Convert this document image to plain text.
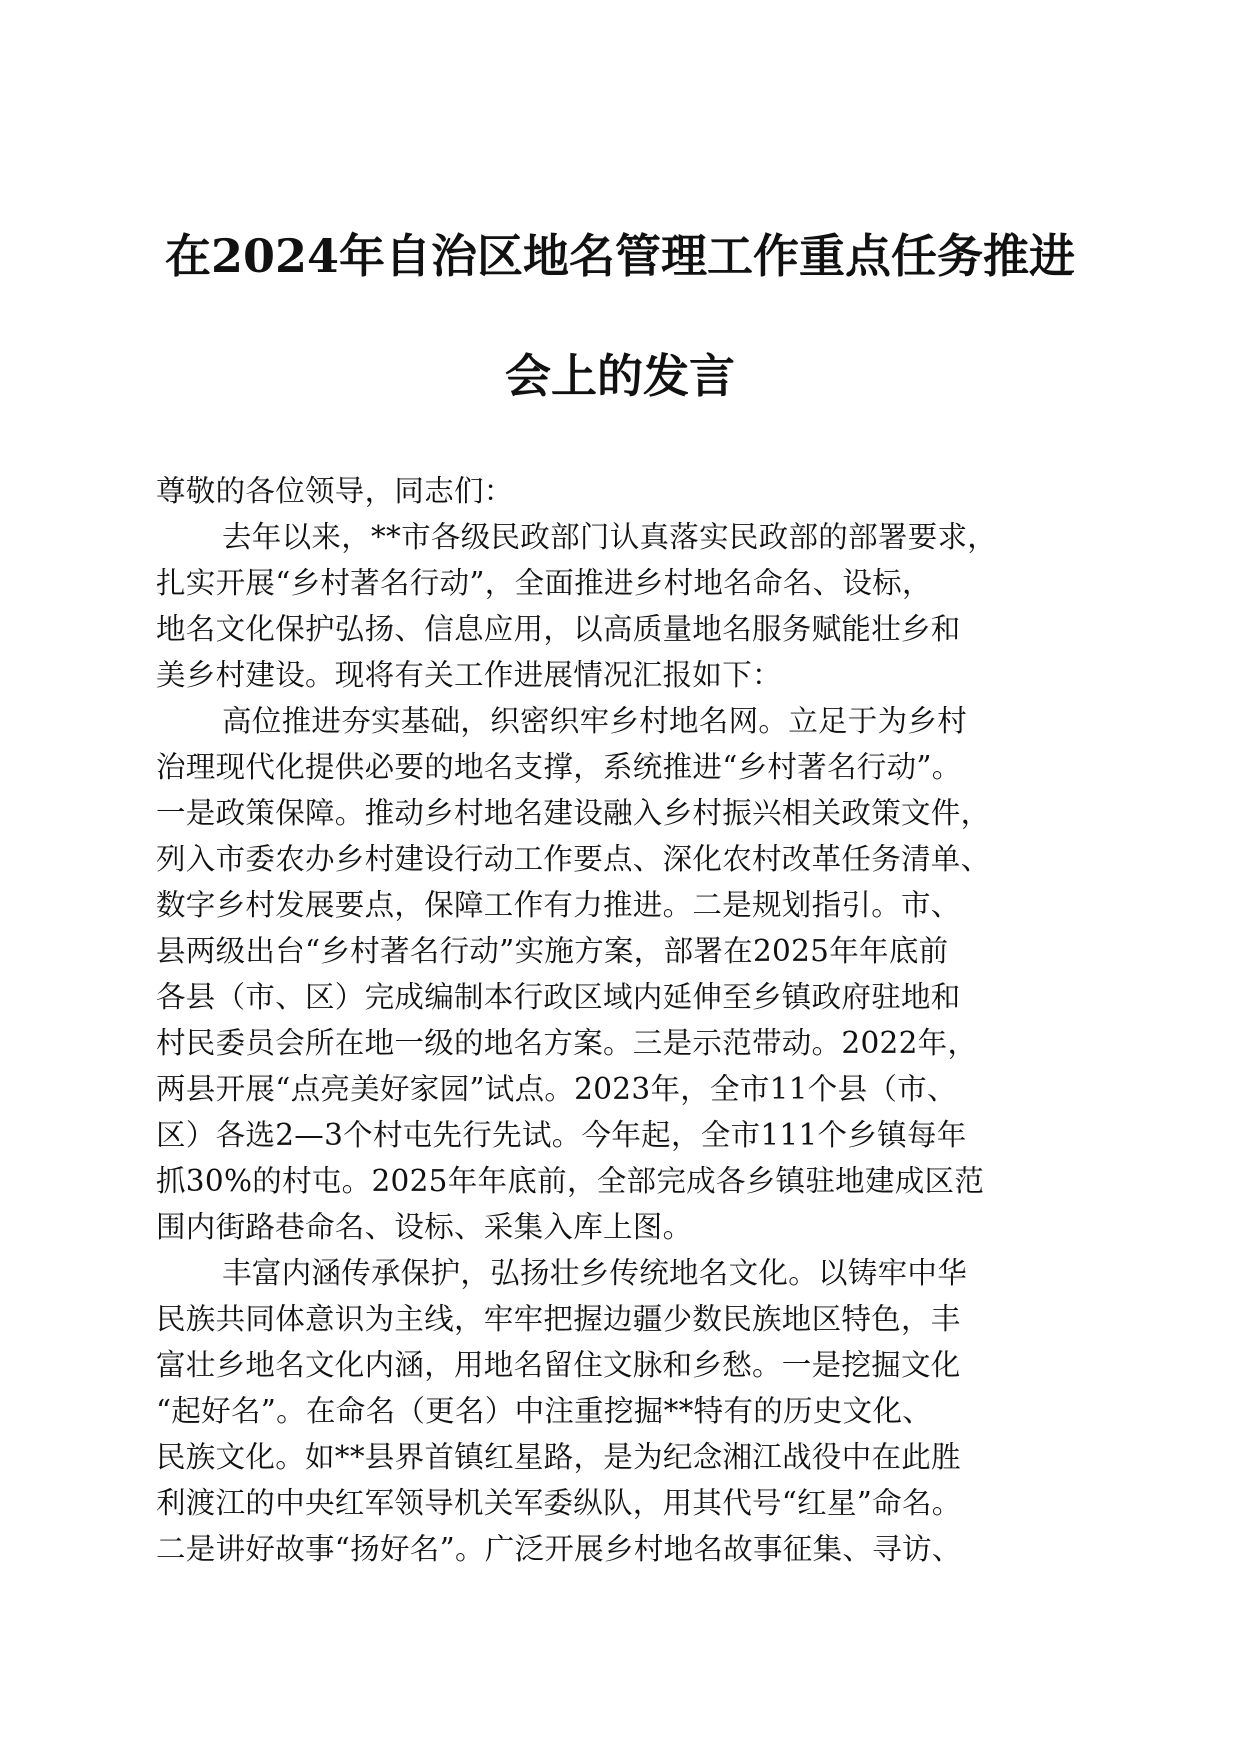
在2024年自治区地名管理工作重点任务推进
会上的发言
尊敬的各位领导，同志们：
去年以来，**市各级民政部门认真落实民政部的部署要求，
扎实开展“乡村著名行动”，全面推进乡村地名命名、设标，
地名文化保护弘扬、信息应用，以高质量地名服务赋能壮乡和
美乡村建设。现将有关工作进展情况汇报如下：
高位推进夯实基础，织密织牢乡村地名网。立足于为乡村
治理现代化提供必要的地名支撑，系统推进“乡村著名行动”。
一是政策保障。推动乡村地名建设融入乡村振兴相关政策文件，
列入市委农办乡村建设行动工作要点、深化农村改革任务清单、
数字乡村发展要点，保障工作有力推进。二是规划指引。市、
县两级出台“乡村著名行动”实施方案，部署在2025年年底前
各县（市、区）完成编制本行政区域内延伸至乡镇政府驻地和
村民委员会所在地一级的地名方案。三是示范带动。2022年，
两县开展“点亮美好家园”试点。2023年，全市11个县（市、
区）各选2—3个村屯先行先试。今年起，全市111个乡镇每年
抓30%的村屯。2025年年底前，全部完成各乡镇驻地建成区范
围内街路巷命名、设标、采集入库上图。
丰富内涵传承保护，弘扬壮乡传统地名文化。以铸牢中华
民族共同体意识为主线，牢牢把握边疆少数民族地区特色，丰
富壮乡地名文化内涵，用地名留住文脉和乡愁。一是挖掘文化
“起好名”。在命名（更名）中注重挖掘**特有的历史文化、
民族文化。如**县界首镇红星路，是为纪念湘江战役中在此胜
利渡江的中央红军领导机关军委纵队，用其代号“红星”命名。
二是讲好故事“扬好名”。广泛开展乡村地名故事征集、寻访、
